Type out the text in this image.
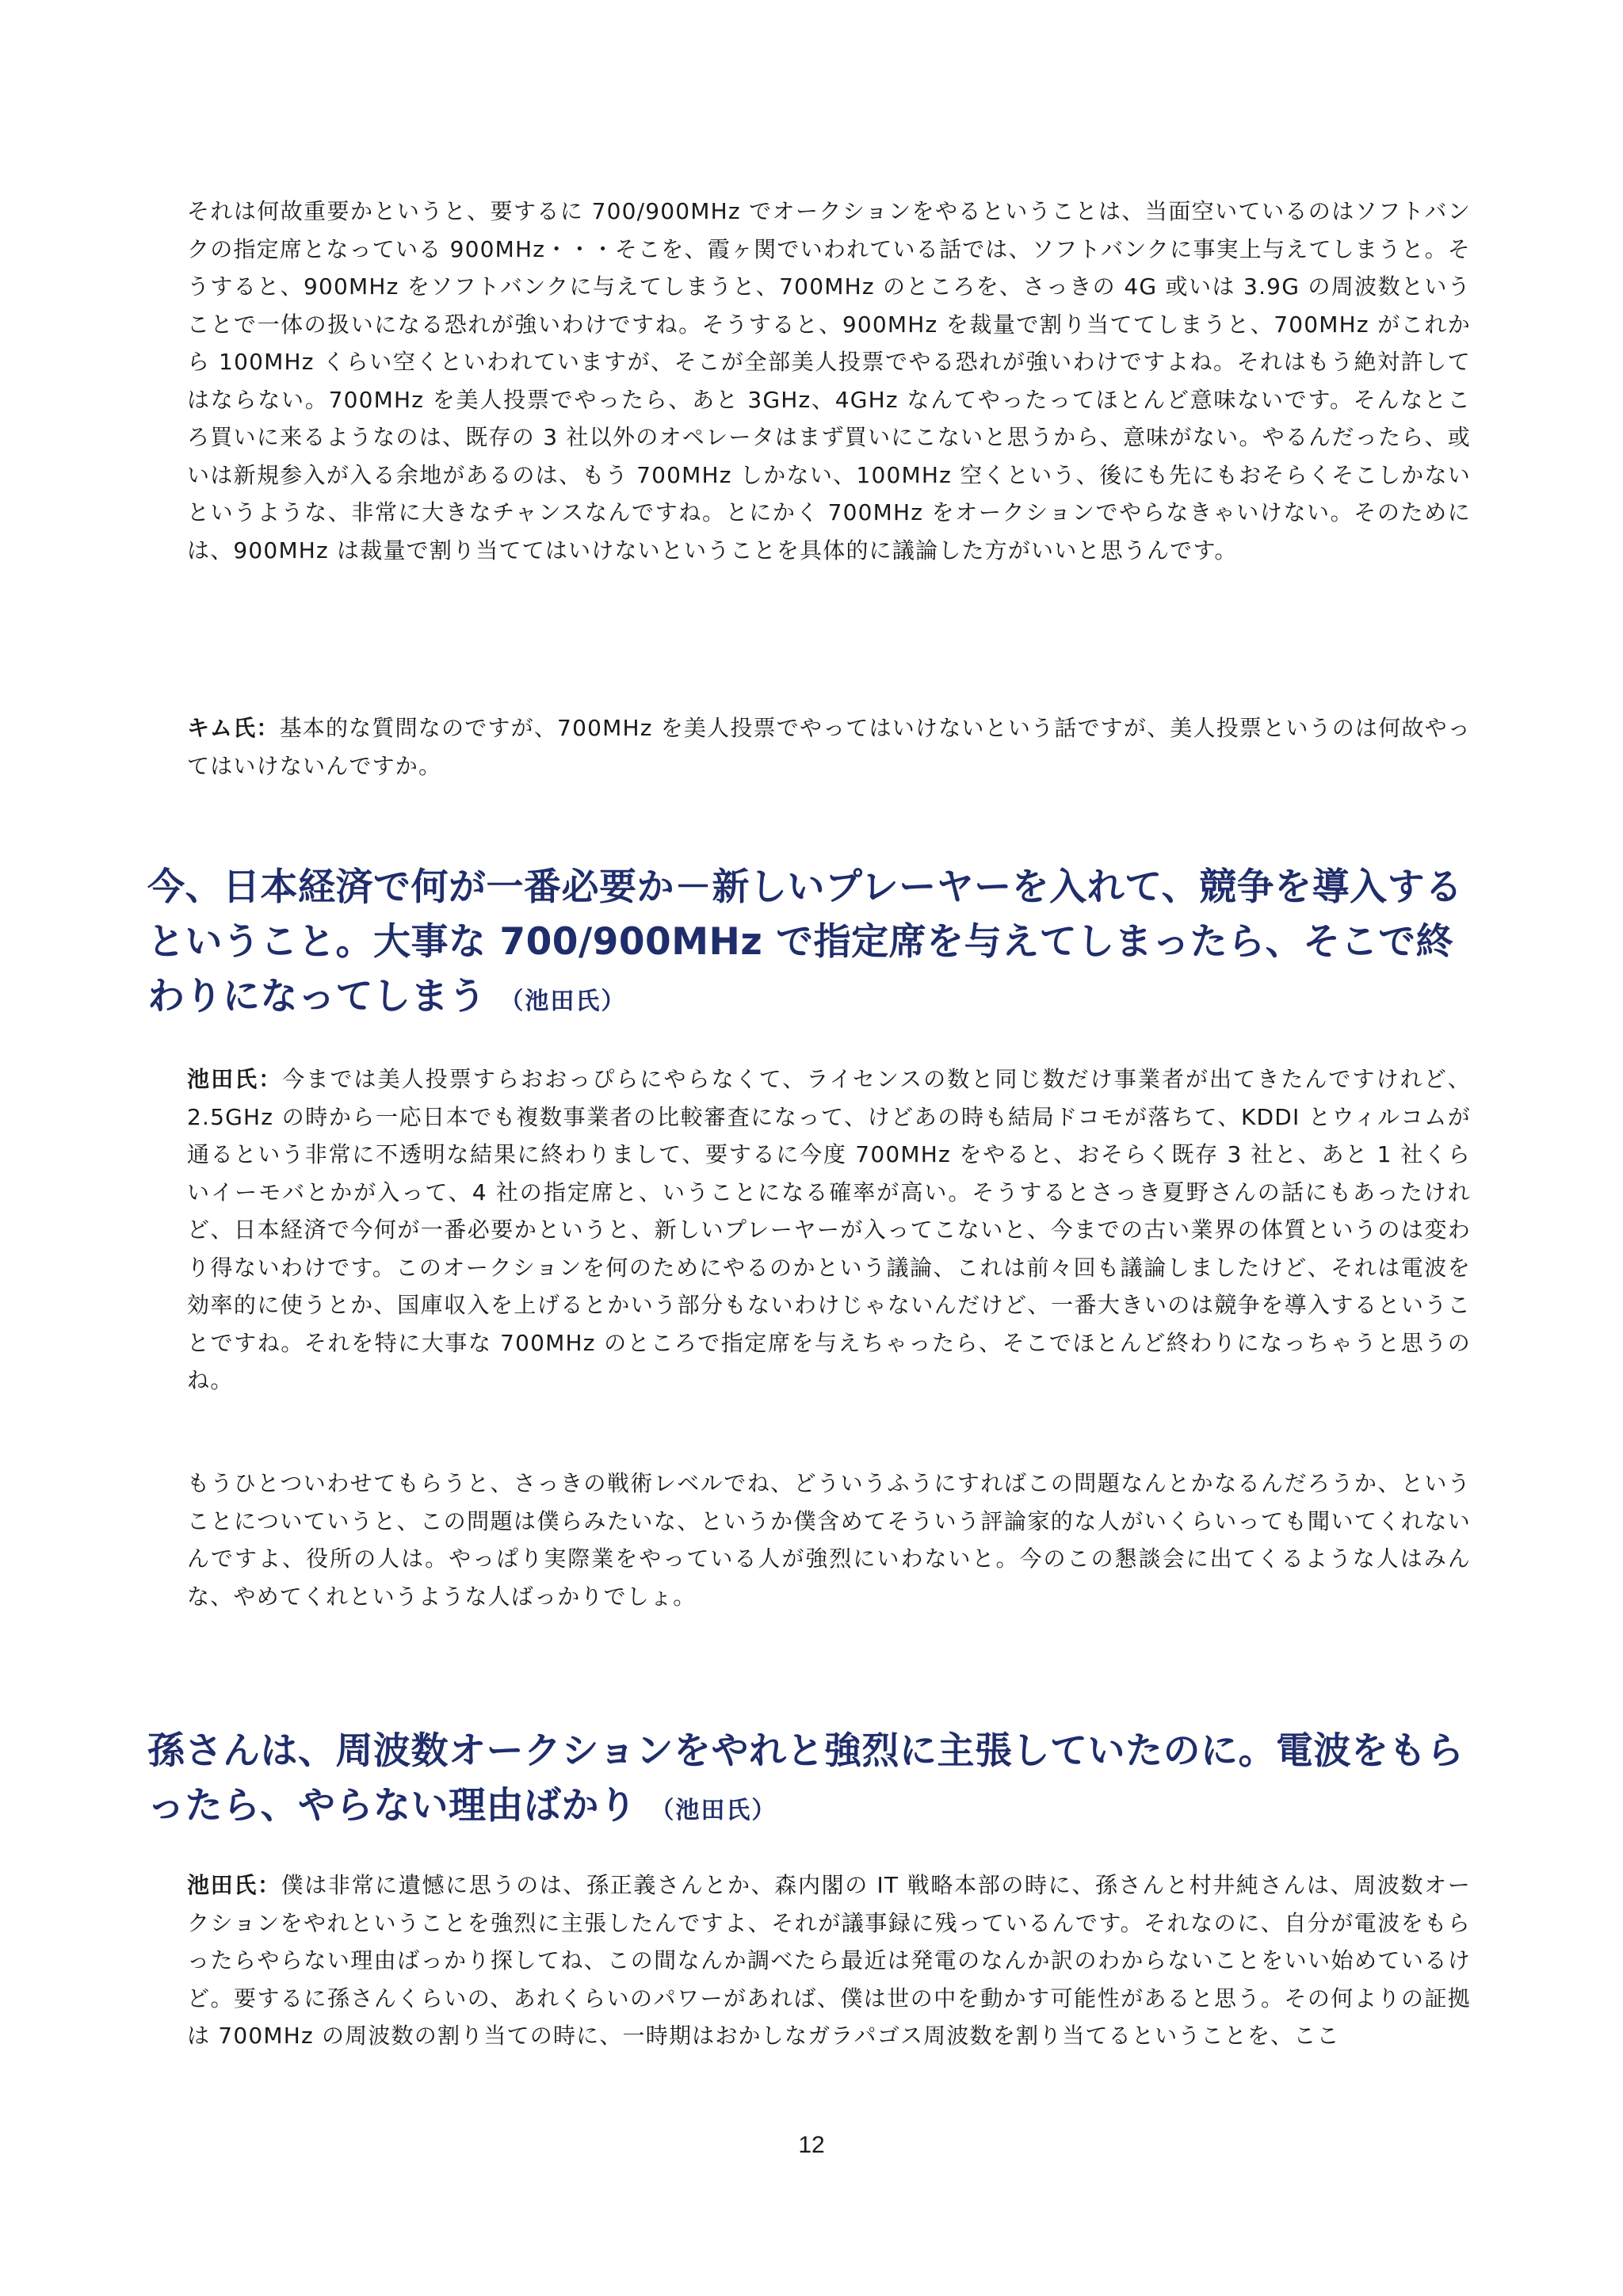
それは何故重要かというと、要するに 700/900MHz でオークションをやるということは、当面空いているのはソフトバンクの指定席となっている 900MHz・・・そこを、霞ヶ関でいわれている話では、ソフトバンクに事実上与えてしまうと。そうすると、900MHz をソフトバンクに与えてしまうと、700MHz のところを、さっきの 4G 或いは 3.9G の周波数ということで一体の扱いになる恐れが強いわけですね。そうすると、900MHz を裁量で割り当ててしまうと、700MHz がこれから 100MHz くらい空くといわれていますが、そこが全部美人投票でやる恐れが強いわけですよね。それはもう絶対許してはならない。700MHz を美人投票でやったら、あと 3GHz、4GHz なんてやったってほとんど意味ないです。そんなところ買いに来るようなのは、既存の 3 社以外のオペレータはまず買いにこないと思うから、意味がない。やるんだったら、或いは新規参入が入る余地があるのは、もう 700MHz しかない、100MHz 空くという、後にも先にもおそらくそこしかないというような、非常に大きなチャンスなんですね。とにかく 700MHz をオークションでやらなきゃいけない。そのためには、900MHz は裁量で割り当ててはいけないということを具体的に議論した方がいいと思うんです。

キム氏：基本的な質問なのですが、700MHz を美人投票でやってはいけないという話ですが、美人投票というのは何故やってはいけないんですか。

今、日本経済で何が一番必要か－新しいプレーヤーを入れて、競争を導入するということ。大事な 700/900MHz で指定席を与えてしまったら、そこで終わりになってしまう （池田氏）

池田氏：今までは美人投票すらおおっぴらにやらなくて、ライセンスの数と同じ数だけ事業者が出てきたんですけれど、2.5GHz の時から一応日本でも複数事業者の比較審査になって、けどあの時も結局ドコモが落ちて、KDDI とウィルコムが通るという非常に不透明な結果に終わりまして、要するに今度 700MHz をやると、おそらく既存 3 社と、あと 1 社くらいイーモバとかが入って、4 社の指定席と、いうことになる確率が高い。そうするとさっき夏野さんの話にもあったけれど、日本経済で今何が一番必要かというと、新しいプレーヤーが入ってこないと、今までの古い業界の体質というのは変わり得ないわけです。このオークションを何のためにやるのかという議論、これは前々回も議論しましたけど、それは電波を効率的に使うとか、国庫収入を上げるとかいう部分もないわけじゃないんだけど、一番大きいのは競争を導入するということですね。それを特に大事な 700MHz のところで指定席を与えちゃったら、そこでほとんど終わりになっちゃうと思うのね。

もうひとついわせてもらうと、さっきの戦術レベルでね、どういうふうにすればこの問題なんとかなるんだろうか、ということについていうと、この問題は僕らみたいな、というか僕含めてそういう評論家的な人がいくらいっても聞いてくれないんですよ、役所の人は。やっぱり実際業をやっている人が強烈にいわないと。今のこの懇談会に出てくるような人はみんな、やめてくれというような人ばっかりでしょ。

孫さんは、周波数オークションをやれと強烈に主張していたのに。電波をもらったら、やらない理由ばかり （池田氏）

池田氏：僕は非常に遺憾に思うのは、孫正義さんとか、森内閣の IT 戦略本部の時に、孫さんと村井純さんは、周波数オークションをやれということを強烈に主張したんですよ、それが議事録に残っているんです。それなのに、自分が電波をもらったらやらない理由ばっかり探してね、この間なんか調べたら最近は発電のなんか訳のわからないことをいい始めているけど。要するに孫さんくらいの、あれくらいのパワーがあれば、僕は世の中を動かす可能性があると思う。その何よりの証拠は 700MHz の周波数の割り当ての時に、一時期はおかしなガラパゴス周波数を割り当てるということを、ここ

12
